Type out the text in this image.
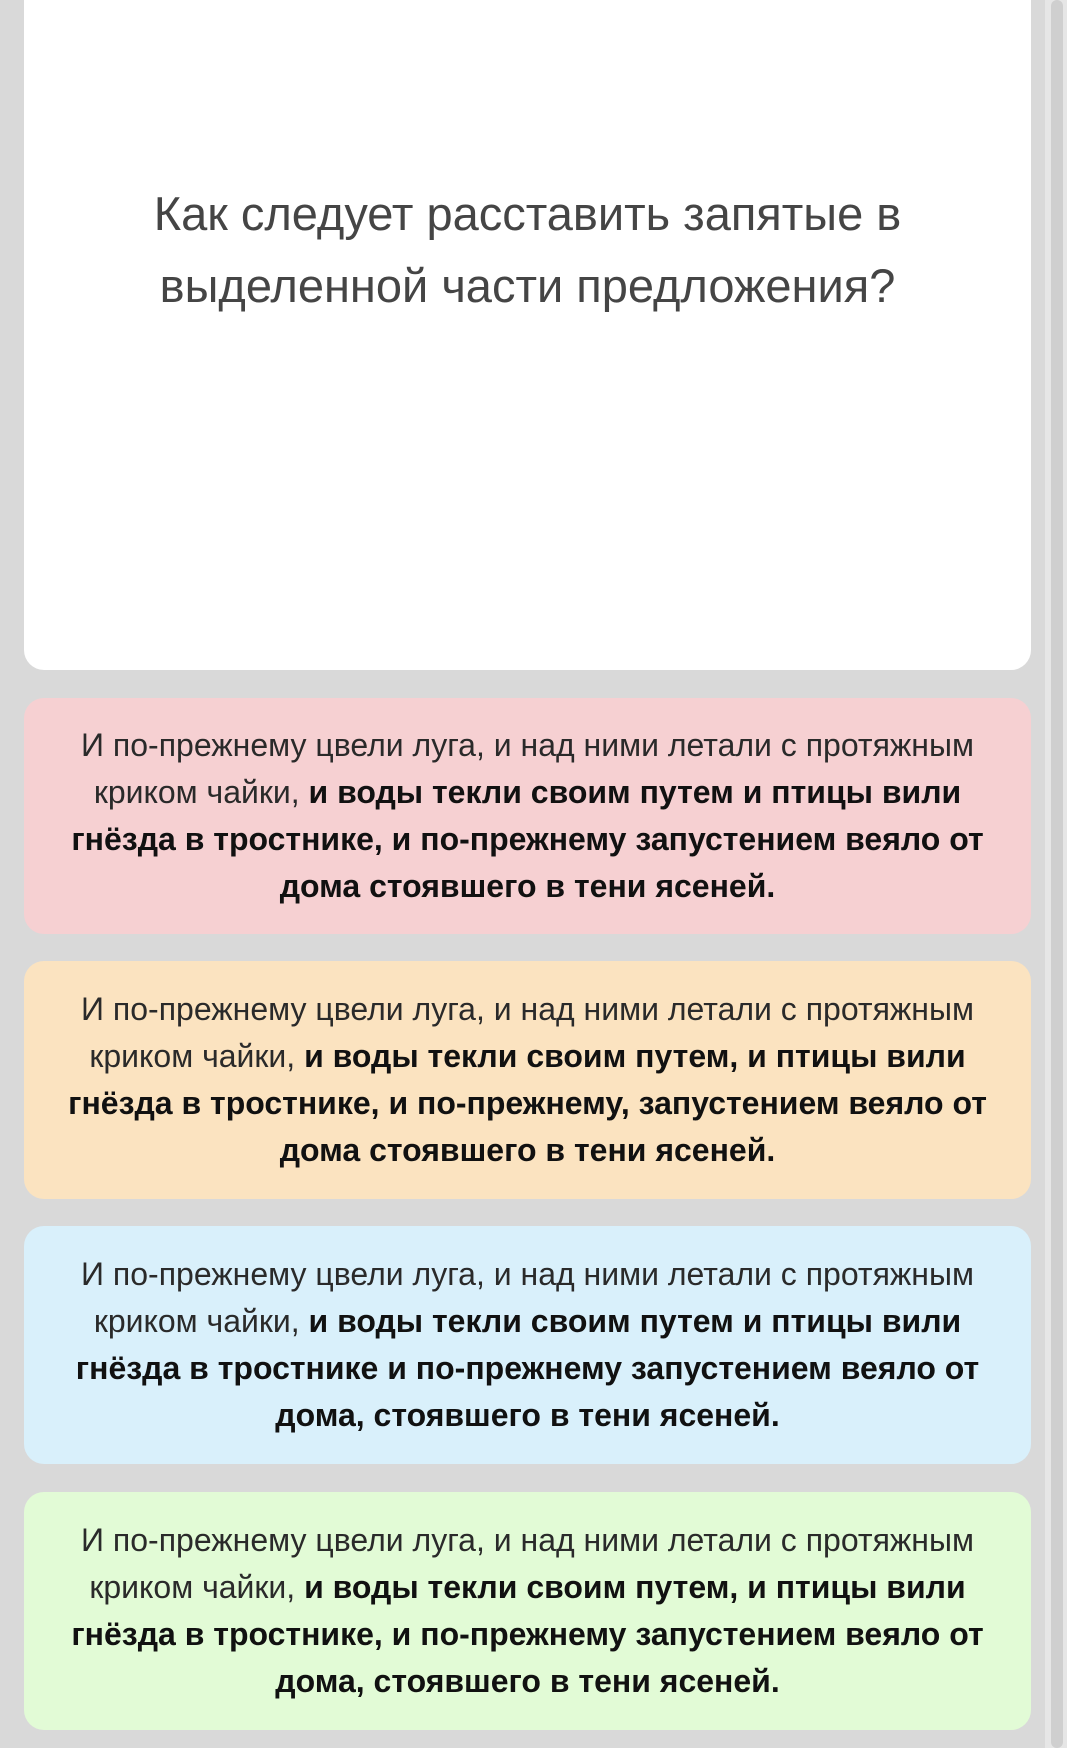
Как следует расставить запятые в выделенной части предложения?
И по-прежнему цвели луга, и над ними летали с протяжным криком чайки, и воды текли своим путем и птицы вили гнёзда в тростнике, и по-прежнему запустением веяло от дома стоявшего в тени ясеней.
И по-прежнему цвели луга, и над ними летали с протяжным криком чайки, и воды текли своим путем, и птицы вили гнёзда в тростнике, и по-прежнему, запустением веяло от дома стоявшего в тени ясеней.
И по-прежнему цвели луга, и над ними летали с протяжным криком чайки, и воды текли своим путем и птицы вили гнёзда в тростнике и по-прежнему запустением веяло от дома, стоявшего в тени ясеней.
И по-прежнему цвели луга, и над ними летали с протяжным криком чайки, и воды текли своим путем, и птицы вили гнёзда в тростнике, и по-прежнему запустением веяло от дома, стоявшего в тени ясеней.
